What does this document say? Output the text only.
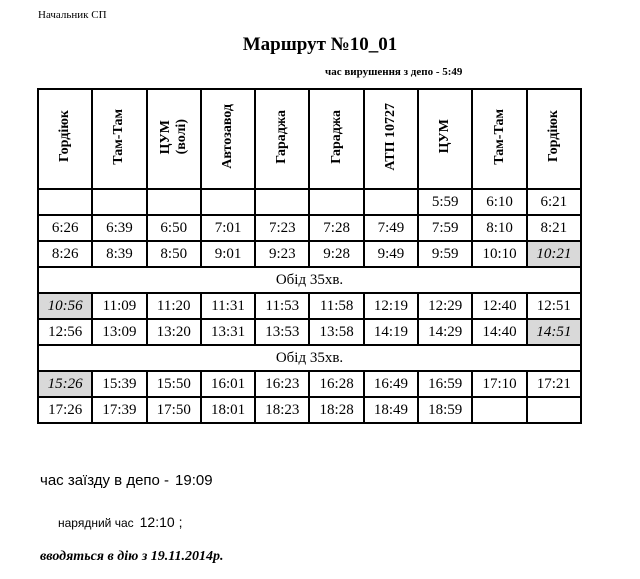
Начальник СП
Маршрут №10_01
час вирушення з депо - 5:49
Гордіюк	Там-Там	ЦУМ
(волі)	Автозавод	Гараджа	Гараджа	АТП 10727	ЦУМ	Там-Там	Гордіюк
							5:59	6:10	6:21
6:26	6:39	6:50	7:01	7:23	7:28	7:49	7:59	8:10	8:21
8:26	8:39	8:50	9:01	9:23	9:28	9:49	9:59	10:10	10:21
Обід 35хв.									
10:56	11:09	11:20	11:31	11:53	11:58	12:19	12:29	12:40	12:51
12:56	13:09	13:20	13:31	13:53	13:58	14:19	14:29	14:40	14:51
Обід 35хв.									
15:26	15:39	15:50	16:01	16:23	16:28	16:49	16:59	17:10	17:21
17:26	17:39	17:50	18:01	18:23	18:28	18:49	18:59		
час заїзду в депо - 19:09
нарядний час 12:10 ;
вводяться в дію з 19.11.2014р.
